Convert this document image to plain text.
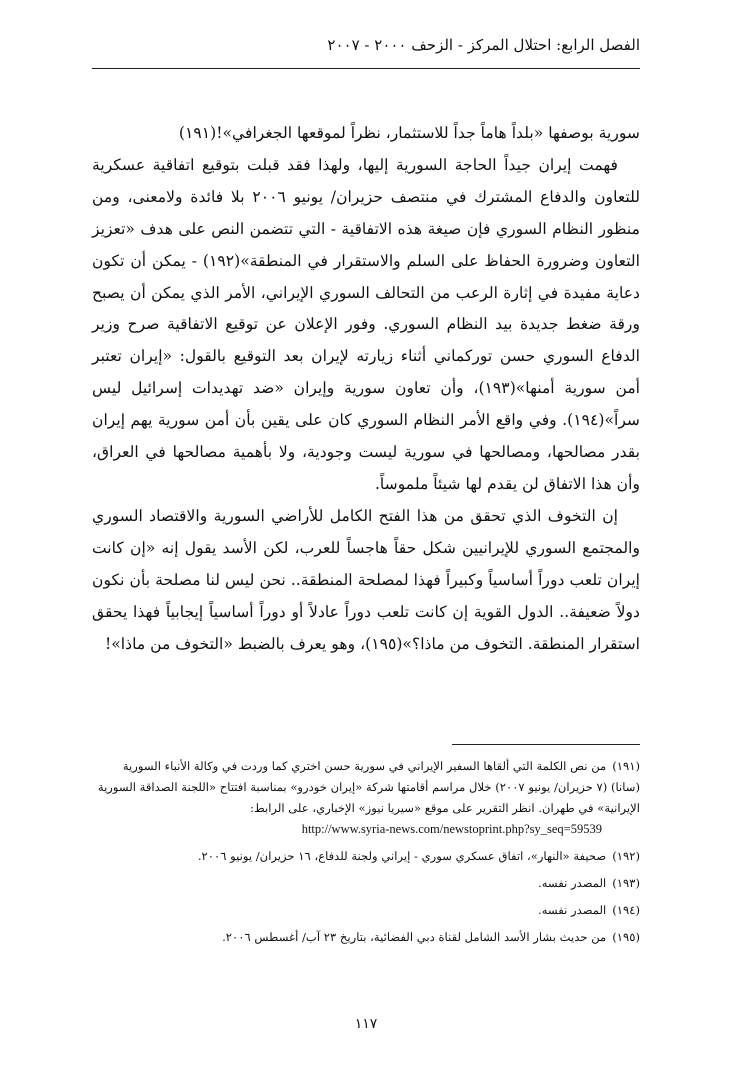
الفصل الرابع: احتلال المركز - الزحف ٢٠٠٠ - ٢٠٠٧

سورية بوصفها «بلداً هاماً جداً للاستثمار، نظراً لموقعها الجغرافي»!(١٩١)

فهمت إيران جيداً الحاجة السورية إليها، ولهذا فقد قبلت بتوقيع اتفاقية عسكرية للتعاون والدفاع المشترك في منتصف حزيران/ يونيو ٢٠٠٦ بلا فائدة ولامعنى، ومن منظور النظام السوري فإن صيغة هذه الاتفاقية - التي تتضمن النص على هدف «تعزيز التعاون وضرورة الحفاظ على السلم والاستقرار في المنطقة»(١٩٢) - يمكن أن تكون دعاية مفيدة في إثارة الرعب من التحالف السوري الإيراني، الأمر الذي يمكن أن يصبح ورقة ضغط جديدة بيد النظام السوري. وفور الإعلان عن توقيع الاتفاقية صرح وزير الدفاع السوري حسن توركماني أثناء زيارته لإيران بعد التوقيع بالقول: «إيران تعتبر أمن سورية أمنها»(١٩٣)، وأن تعاون سورية وإيران «ضد تهديدات إسرائيل ليس سراً»(١٩٤). وفي واقع الأمر النظام السوري كان على يقين بأن أمن سورية يهم إيران بقدر مصالحها، ومصالحها في سورية ليست وجودية، ولا بأهمية مصالحها في العراق، وأن هذا الاتفاق لن يقدم لها شيئاً ملموساً.

إن التخوف الذي تحقق من هذا الفتح الكامل للأراضي السورية والاقتصاد السوري والمجتمع السوري للإيرانيين شكل حقاً هاجساً للعرب، لكن الأسد يقول إنه «إن كانت إيران تلعب دوراً أساسياً وكبيراً فهذا لمصلحة المنطقة.. نحن ليس لنا مصلحة بأن نكون دولاً ضعيفة.. الدول القوية إن كانت تلعب دوراً عادلاً أو دوراً أساسياً إيجابياً فهذا يحقق استقرار المنطقة. التخوف من ماذا؟»(١٩٥)، وهو يعرف بالضبط «التخوف من ماذا»!

(١٩١)من نص الكلمة التي ألقاها السفير الإيراني في سورية حسن اختري كما وردت في وكالة الأنباء السورية (سانا) (٧ حزيران/ يونيو ٢٠٠٧) خلال مراسم أقامتها شركة «إيران خودرو» بمناسبة افتتاح «اللجنة الصداقة السورية الإيرانية» في طهران. انظر التقرير على موقع «سيريا نيوز» الإخباري، على الرابط:
http://www.syria-news.com/newstoprint.php?sy_seq=59539
(١٩٢)صحيفة «النهار»، اتفاق عسكري سوري - إيراني ولجنة للدفاع، ١٦ حزيران/ يونيو ٢٠٠٦.
(١٩٣)المصدر نفسه.
(١٩٤)المصدر نفسه.
(١٩٥)من حديث بشار الأسد الشامل لقناة دبي الفضائية، بتاريخ ٢٣ آب/ أغسطس ٢٠٠٦.
١١٧
